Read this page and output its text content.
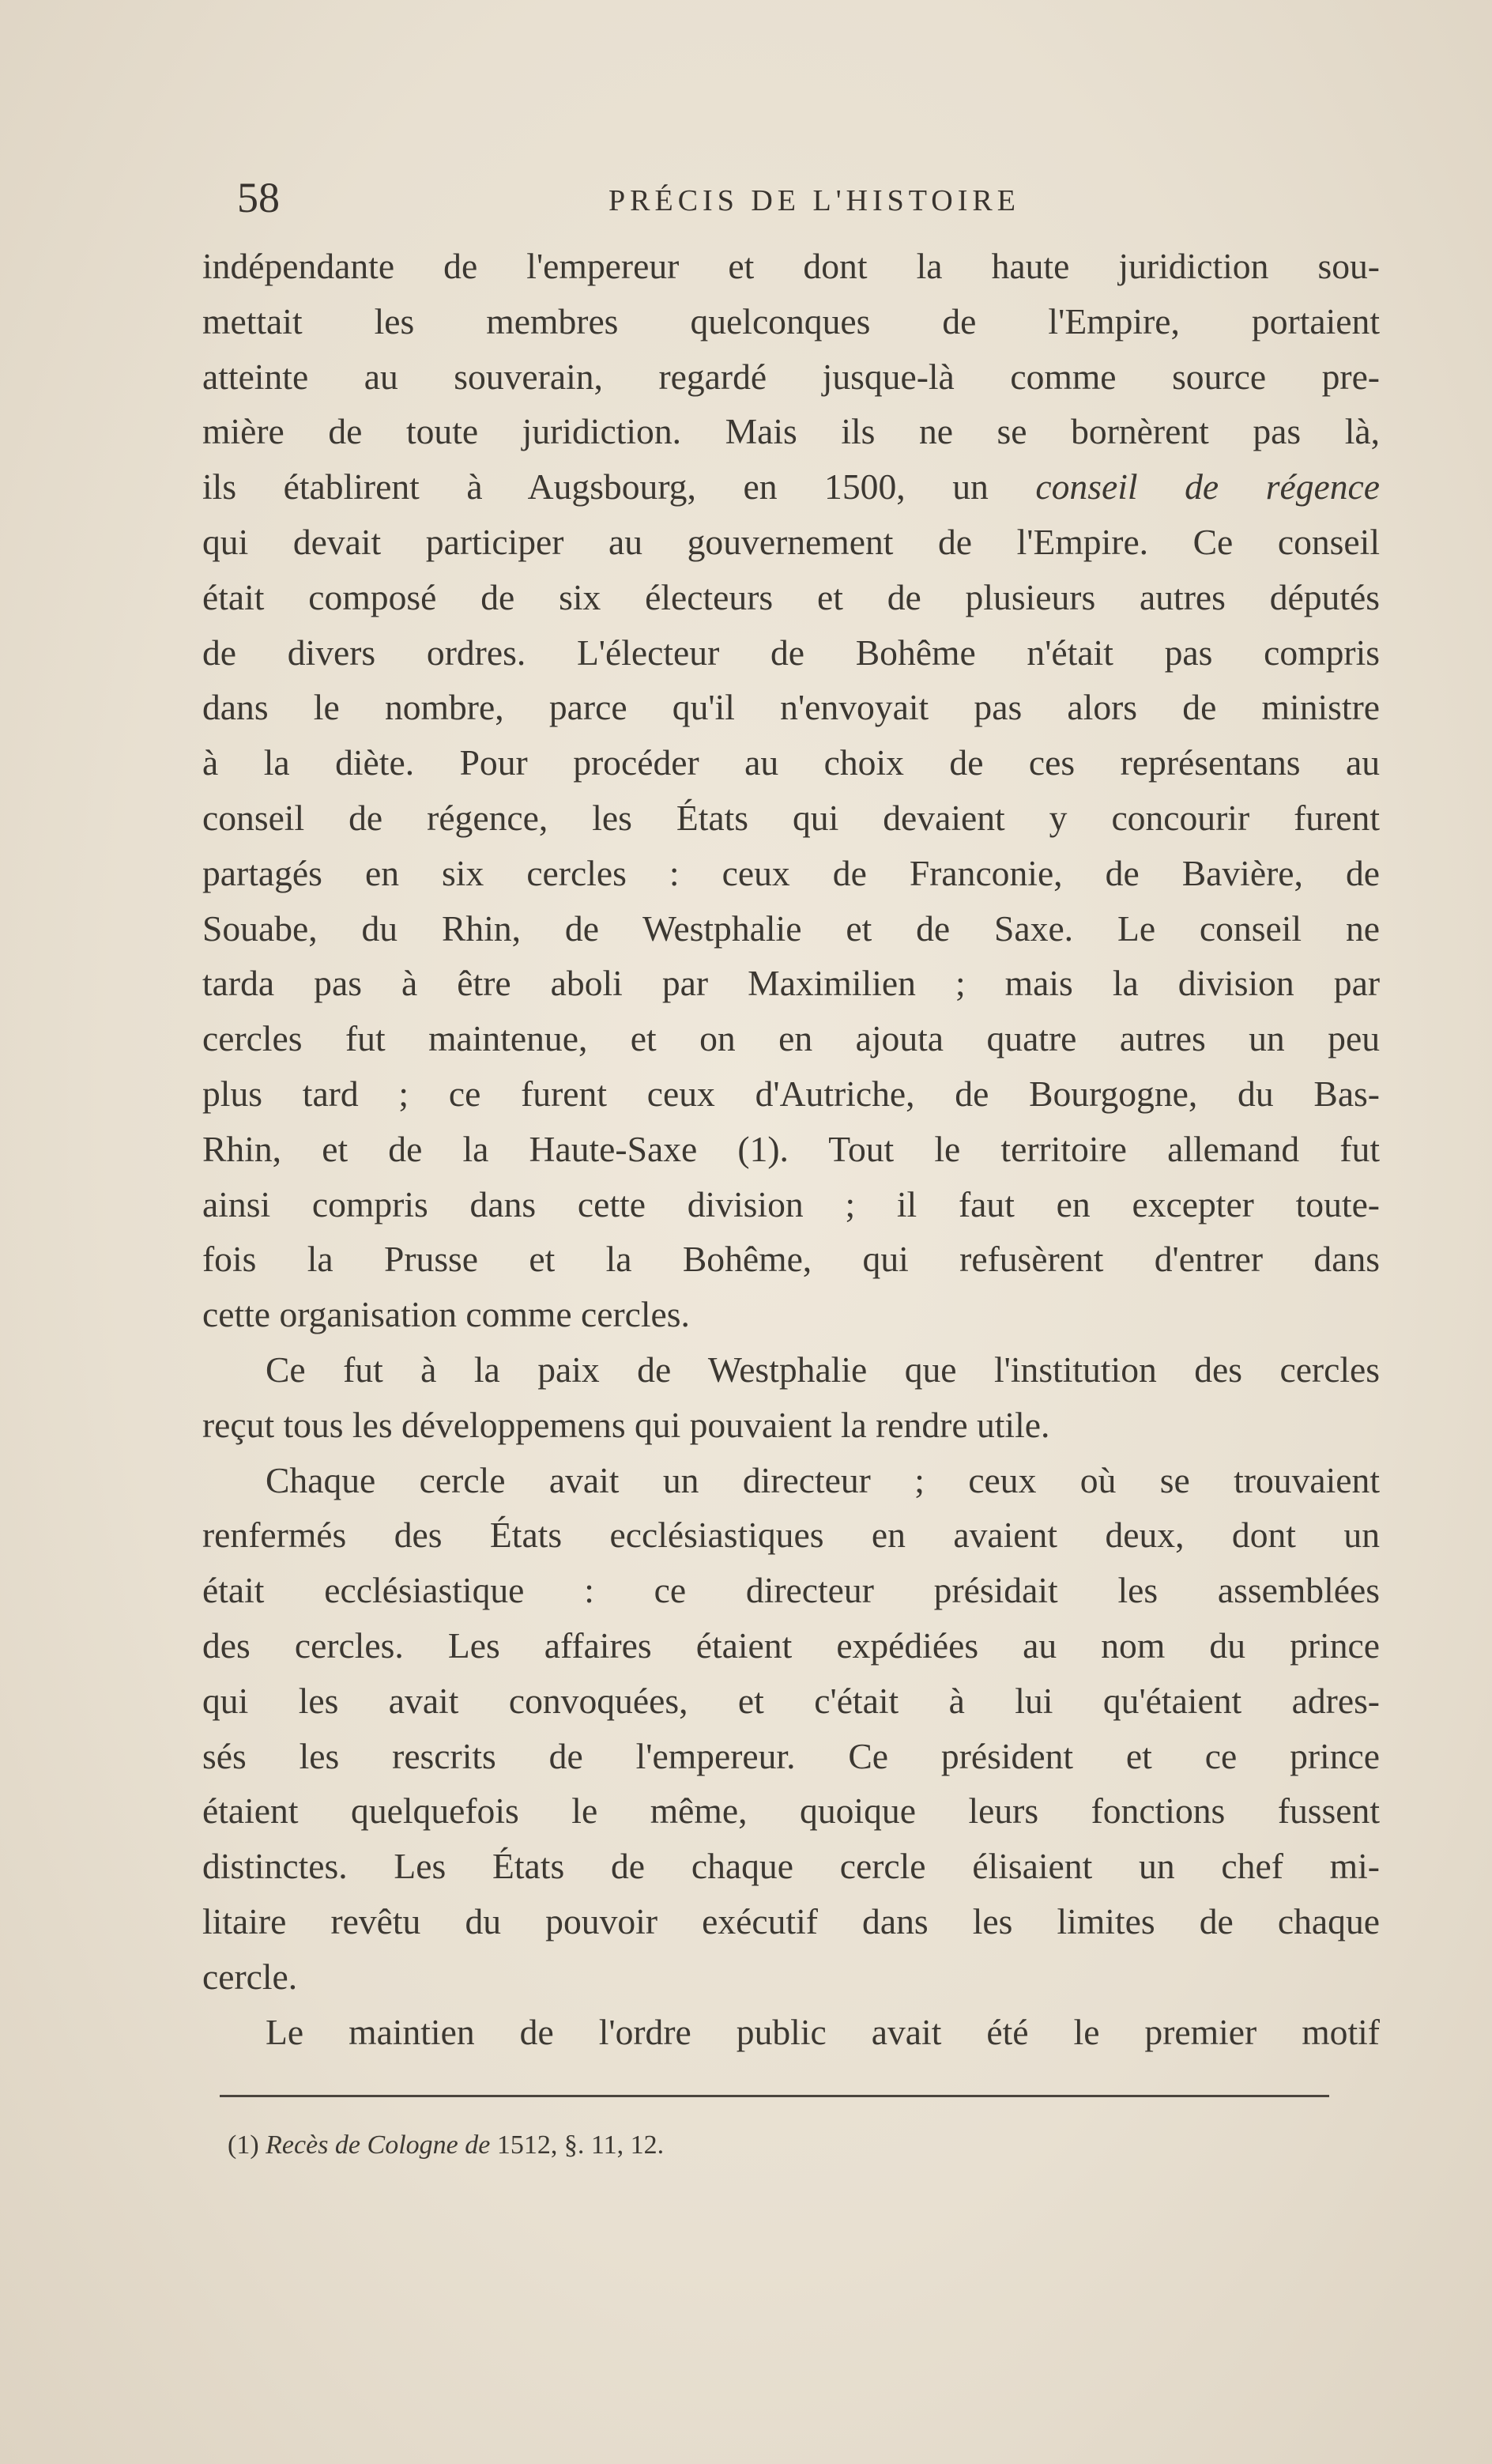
58	PRÉCIS DE L'HISTOIRE
indépendante de l'empereur et dont la haute juridiction sou-
mettait les membres quelconques de l'Empire, portaient
atteinte au souverain, regardé jusque-là comme source pre-
mière de toute juridiction. Mais ils ne se bornèrent pas là,
ils établirent à Augsbourg, en 1500, un conseil de régence
qui devait participer au gouvernement de l'Empire. Ce conseil
était composé de six électeurs et de plusieurs autres députés
de divers ordres. L'électeur de Bohême n'était pas compris
dans le nombre, parce qu'il n'envoyait pas alors de ministre
à la diète. Pour procéder au choix de ces représentans au
conseil de régence, les États qui devaient y concourir furent
partagés en six cercles : ceux de Franconie, de Bavière, de
Souabe, du Rhin, de Westphalie et de Saxe. Le conseil ne
tarda pas à être aboli par Maximilien ; mais la division par
cercles fut maintenue, et on en ajouta quatre autres un peu
plus tard ; ce furent ceux d'Autriche, de Bourgogne, du Bas-
Rhin, et de la Haute-Saxe (1). Tout le territoire allemand fut
ainsi compris dans cette division ; il faut en excepter toute-
fois la Prusse et la Bohême, qui refusèrent d'entrer dans
cette organisation comme cercles.
Ce fut à la paix de Westphalie que l'institution des cercles
reçut tous les développemens qui pouvaient la rendre utile.
Chaque cercle avait un directeur ; ceux où se trouvaient
renfermés des États ecclésiastiques en avaient deux, dont un
était ecclésiastique : ce directeur présidait les assemblées
des cercles. Les affaires étaient expédiées au nom du prince
qui les avait convoquées, et c'était à lui qu'étaient adres-
sés les rescrits de l'empereur. Ce président et ce prince
étaient quelquefois le même, quoique leurs fonctions fussent
distinctes. Les États de chaque cercle élisaient un chef mi-
litaire revêtu du pouvoir exécutif dans les limites de chaque
cercle.
Le maintien de l'ordre public avait été le premier motif
(1) Recès de Cologne de 1512, §. 11, 12.
